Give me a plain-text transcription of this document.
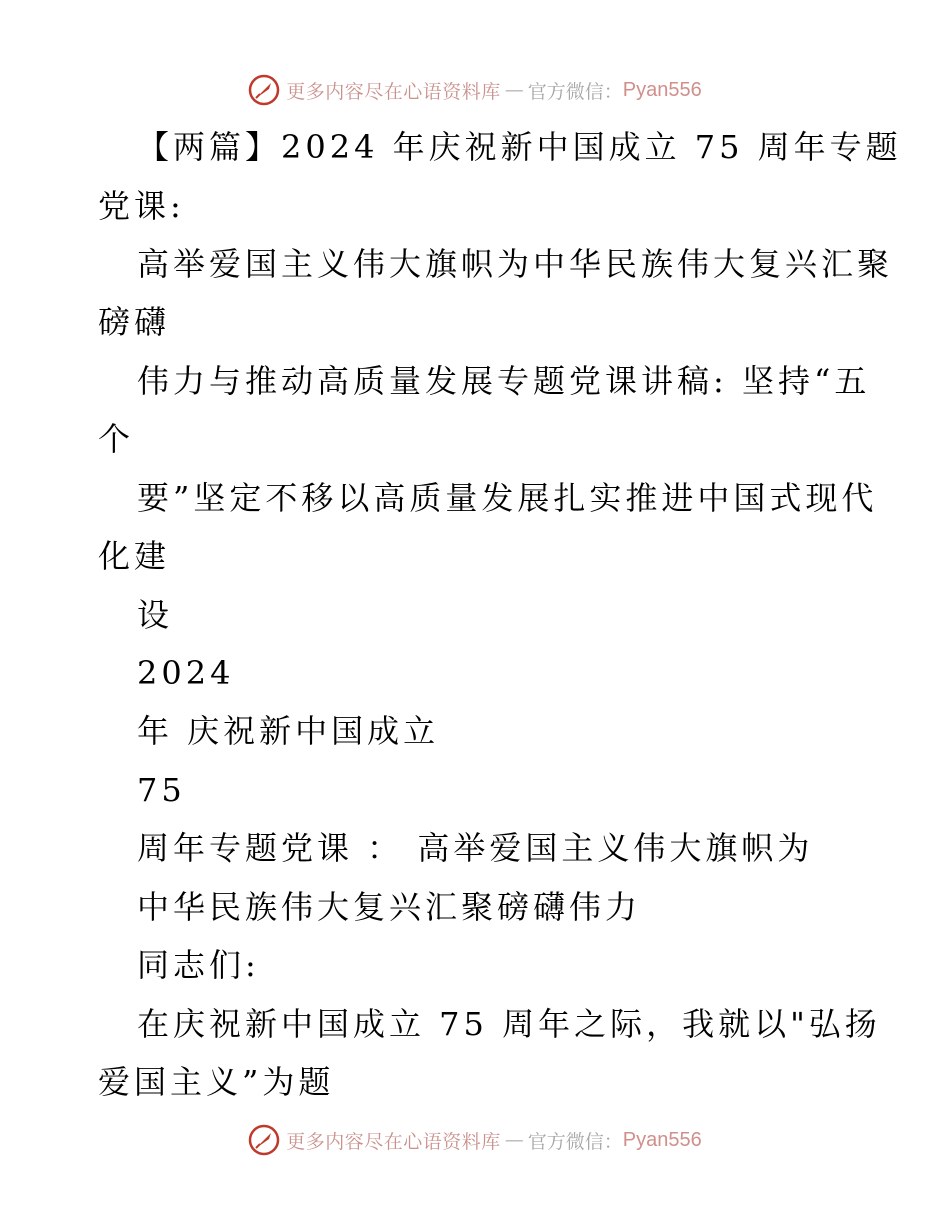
更多内容尽在心语资料库 — 官方微信： Pyan556
【两篇】2024 年庆祝新中国成立 75 周年专题
党课:
高举爱国主义伟大旗帜为中华民族伟大复兴汇聚
磅礴
伟力与推动高质量发展专题党课讲稿: 坚持“五
个
要”坚定不移以高质量发展扎实推进中国式现代
化建
设
2024
年 庆祝新中国成立
75
周年专题党课 ： 高举爱国主义伟大旗帜为
中华民族伟大复兴汇聚磅礴伟力
同志们:
在庆祝新中国成立 75 周年之际，我就以"弘扬
爱国主义”为题
更多内容尽在心语资料库 — 官方微信： Pyan556
